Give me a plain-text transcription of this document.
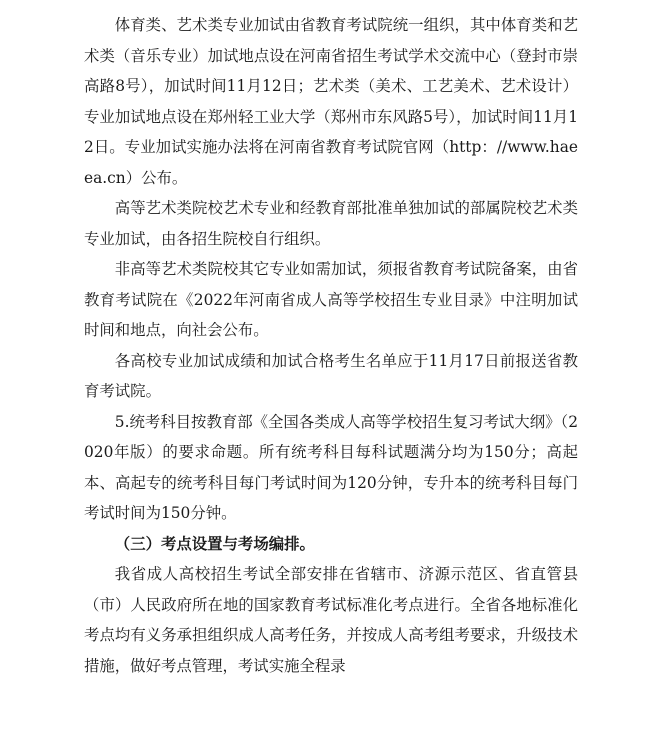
体育类、艺术类专业加试由省教育考试院统一组织，其中体育类和艺术类（音乐专业）加试地点设在河南省招生考试学术交流中心（登封市崇高路8号），加试时间11月12日；艺术类（美术、工艺美术、艺术设计）专业加试地点设在郑州轻工业大学（郑州市东风路5号），加试时间11月12日。专业加试实施办法将在河南省教育考试院官网（http：//www.haeea.cn）公布。

高等艺术类院校艺术专业和经教育部批准单独加试的部属院校艺术类专业加试，由各招生院校自行组织。

非高等艺术类院校其它专业如需加试，须报省教育考试院备案，由省教育考试院在《2022年河南省成人高等学校招生专业目录》中注明加试时间和地点，向社会公布。

各高校专业加试成绩和加试合格考生名单应于11月17日前报送省教育考试院。

5.统考科目按教育部《全国各类成人高等学校招生复习考试大纲》（2020年版）的要求命题。所有统考科目每科试题满分均为150分；高起本、高起专的统考科目每门考试时间为120分钟，专升本的统考科目每门考试时间为150分钟。

（三）考点设置与考场编排。

我省成人高校招生考试全部安排在省辖市、济源示范区、省直管县（市）人民政府所在地的国家教育考试标准化考点进行。全省各地标准化考点均有义务承担组织成人高考任务，并按成人高考组考要求，升级技术措施，做好考点管理，考试实施全程录
